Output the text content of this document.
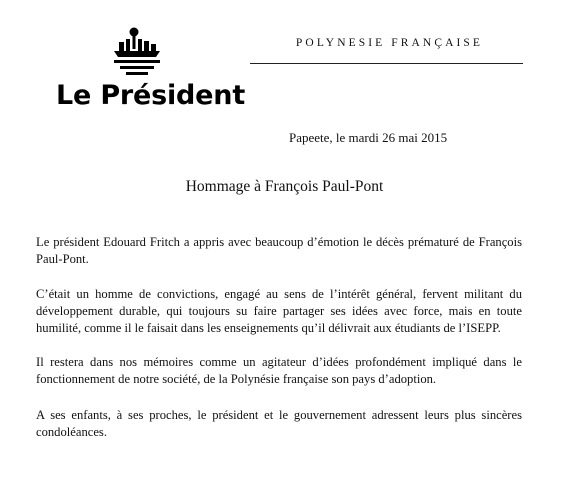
Le Président
POLYNESIE FRANÇAISE
Papeete, le mardi 26 mai 2015
Hommage à François Paul-Pont

Le président Edouard Fritch a appris avec beaucoup d’émotion le décès prématuré de François Paul-Pont.

C’était un homme de convictions, engagé au sens de l’intérêt général, fervent militant du développement durable, qui toujours su faire partager ses idées avec force, mais en toute humilité, comme il le faisait dans les enseignements qu’il délivrait aux étudiants de l’ISEPP.

Il restera dans nos mémoires comme un agitateur d’idées profondément impliqué dans le fonctionnement de notre société, de la Polynésie française son pays d’adoption.

A ses enfants, à ses proches, le président et le gouvernement adressent leurs plus sincères condoléances.
